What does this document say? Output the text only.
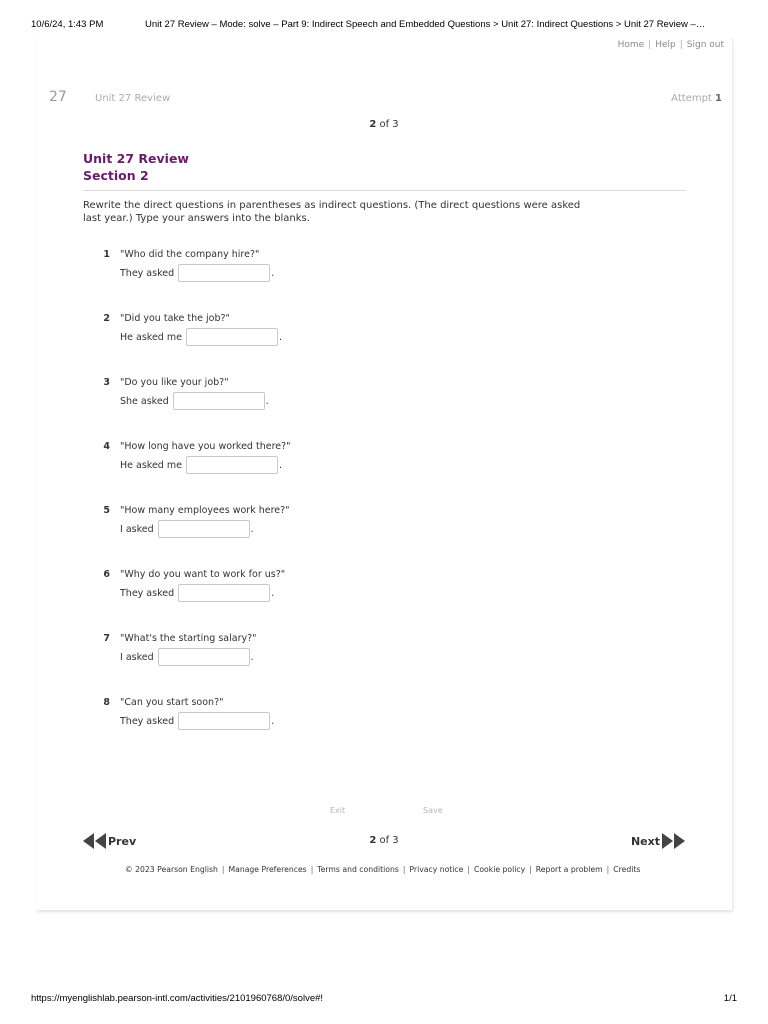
10/6/24, 1:43 PM	Unit 27 Review – Mode: solve – Part 9: Indirect Speech and Embedded Questions > Unit 27: Indirect Questions > Unit 27 Review –…
Home | Help | Sign out
27	Unit 27 Review	Attempt 1
2 of 3
Unit 27 Review
Section 2
Rewrite the direct questions in parentheses as indirect questions. (The direct questions were asked last year.) Type your answers into the blanks.
1 "Who did the company hire?"
They asked	.
2 "Did you take the job?"
He asked me	.
3 "Do you like your job?"
She asked	.
4 "How long have you worked there?"
He asked me	.
5 "How many employees work here?"
I asked	.
6 "Why do you want to work for us?"
They asked	.
7 "What's the starting salary?"
I asked	.
8 "Can you start soon?"
They asked	.
Exit	Save
Prev	2 of 3	Next
© 2023 Pearson English | Manage Preferences | Terms and conditions | Privacy notice | Cookie policy | Report a problem | Credits
https://myenglishlab.pearson-intl.com/activities/2101960768/0/solve#!	1/1
